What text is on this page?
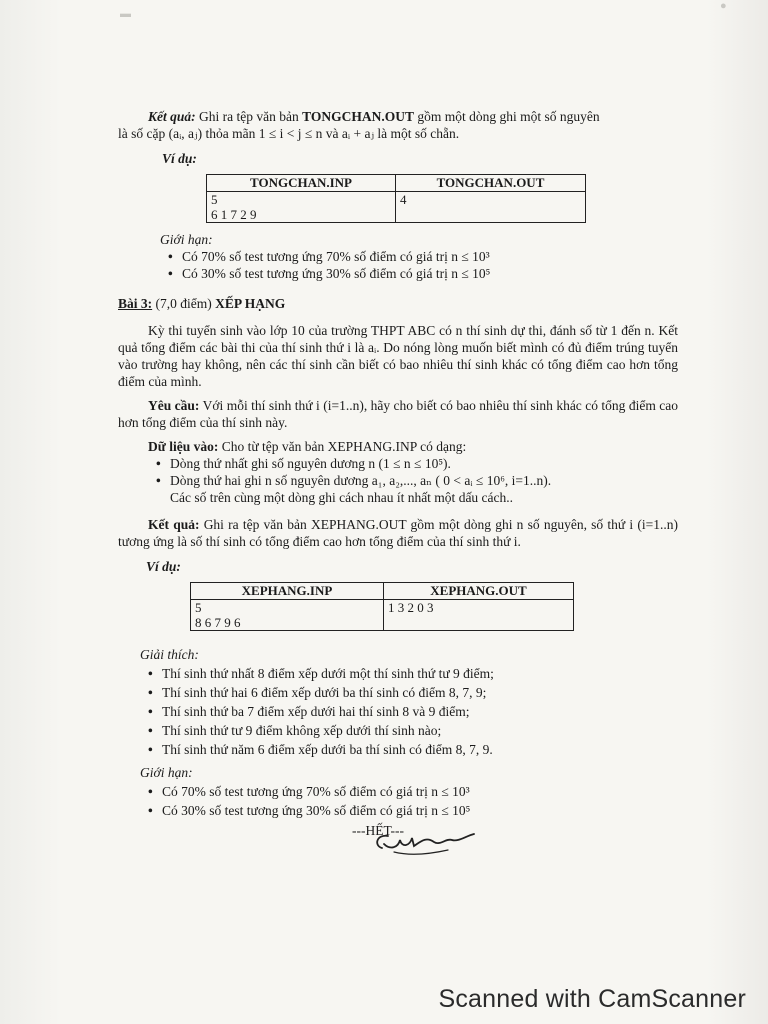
▬
●
Kết quả: Ghi ra tệp văn bản TONGCHAN.OUT gồm một dòng ghi một số nguyên
là số cặp (aᵢ, aⱼ) thỏa mãn 1 ≤ i < j ≤ n và aᵢ + aⱼ là một số chẵn.
Ví dụ:
TONGCHAN.INP	TONGCHAN.OUT

5
6 1 7 2 9	4
Giới hạn:
• Có 70% số test tương ứng 70% số điểm có giá trị n ≤ 10³
• Có 30% số test tương ứng 30% số điểm có giá trị n ≤ 10⁵
Bài 3: (7,0 điểm) XẾP HẠNG
Kỳ thi tuyển sinh vào lớp 10 của trường THPT ABC có n thí sinh dự thi, đánh số từ 1 đến n. Kết quả tổng điểm các bài thi của thí sinh thứ i là aᵢ. Do nóng lòng muốn biết mình có đủ điểm trúng tuyển vào trường hay không, nên các thí sinh cần biết có bao nhiêu thí sinh khác có tổng điểm cao hơn tổng điểm của mình.
Yêu cầu: Với mỗi thí sinh thứ i (i=1..n), hãy cho biết có bao nhiêu thí sinh khác có tổng điểm cao hơn tổng điểm của thí sinh này.
Dữ liệu vào: Cho từ tệp văn bản XEPHANG.INP có dạng:
• Dòng thứ nhất ghi số nguyên dương n (1 ≤ n ≤ 10⁵).
• Dòng thứ hai ghi n số nguyên dương a₁, a₂,..., aₙ ( 0 < aᵢ ≤ 10⁶, i=1..n).
Các số trên cùng một dòng ghi cách nhau ít nhất một dấu cách..
Kết quả: Ghi ra tệp văn bản XEPHANG.OUT gồm một dòng ghi n số nguyên, số thứ i (i=1..n) tương ứng là số thí sinh có tổng điểm cao hơn tổng điểm của thí sinh thứ i.
Ví dụ:
XEPHANG.INP	XEPHANG.OUT

5
8 6 7 9 6	1 3 2 0 3
Giải thích:
• Thí sinh thứ nhất 8 điểm xếp dưới một thí sinh thứ tư 9 điểm;
• Thí sinh thứ hai 6 điểm xếp dưới ba thí sinh có điểm 8, 7, 9;
• Thí sinh thứ ba 7 điểm xếp dưới hai thí sinh 8 và 9 điểm;
• Thí sinh thứ tư 9 điểm không xếp dưới thí sinh nào;
• Thí sinh thứ năm 6 điểm xếp dưới ba thí sinh có điểm 8, 7, 9.
Giới hạn:
• Có 70% số test tương ứng 70% số điểm có giá trị n ≤ 10³
• Có 30% số test tương ứng 30% số điểm có giá trị n ≤ 10⁵
---HẾT---
Scanned with CamScanner
